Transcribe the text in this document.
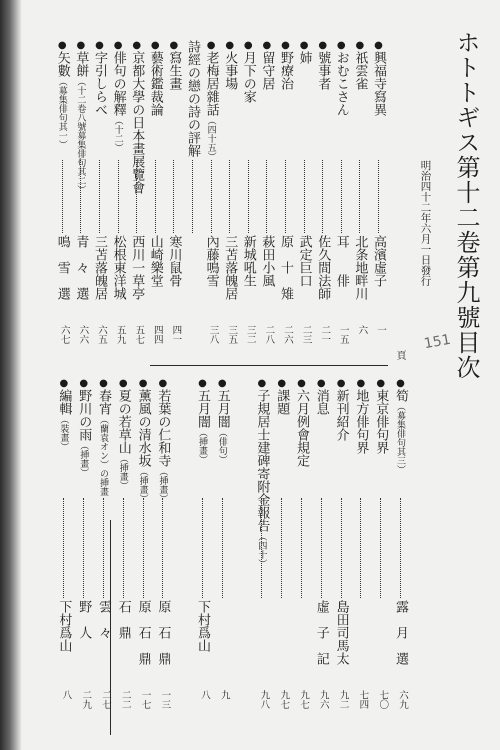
ホトトギス第十二卷第九號目次
明治四十二年六月一日發行
頁
151
●興福寺寫異
高濱虛子
一
●祇雲雀
北条地畔川
六
●おむこさん
耳　　俳
一五
●號事者
佐久間法師
二一
●姉
武定巨口
二三
●野療治
原　十　雉
二六
●留守居
萩田小風
二八
●月下の家
新城吼生
三二
●火事場
三苫落魄居
三五
●老梅居雜話（四十五）
內藤鳴雪
三八
詩經の戀の詩の評解
●寫生畫
寒川鼠骨
四一
●藝術鑑裁論
山崎樂堂
四四
●京都大學の日本畫展覽會
西川一草亭
五七
●俳句の解釋（十二）
松根東洋城
五九
●字引しらべ
三苫落魄居
六五
●草餅（十二卷八號募集俳句其二）
青　々　選
六六
●矢數（募集俳句其一）
鳴　雪　選
六七
●筍（募集俳句其三）
露　月　選
六九
●東京俳句界
七〇
●地方俳句界
七四
●新刊紹介
島田司馬太
九二
●消息
虛　子　記
九六
●六月例會規定
九七
●課題
九七
●子規居士建碑寄附金報告（四十）
九八
●五月闇（俳句）
九
●五月闇（挿畫）
下村爲山
八
●若葉の仁和寺（挿畫）
原　石　鼎
一三
●薰風の清水坂（挿畫）
原　石　鼎
一七
●夏の若草山（挿畫）
石　鼎
二二
●春宵（蘭袁オン）の挿畫
雲　々
二七
●野川の雨（挿畫）
野　人
二九
●編輯（裝畫）
下村爲山
八
